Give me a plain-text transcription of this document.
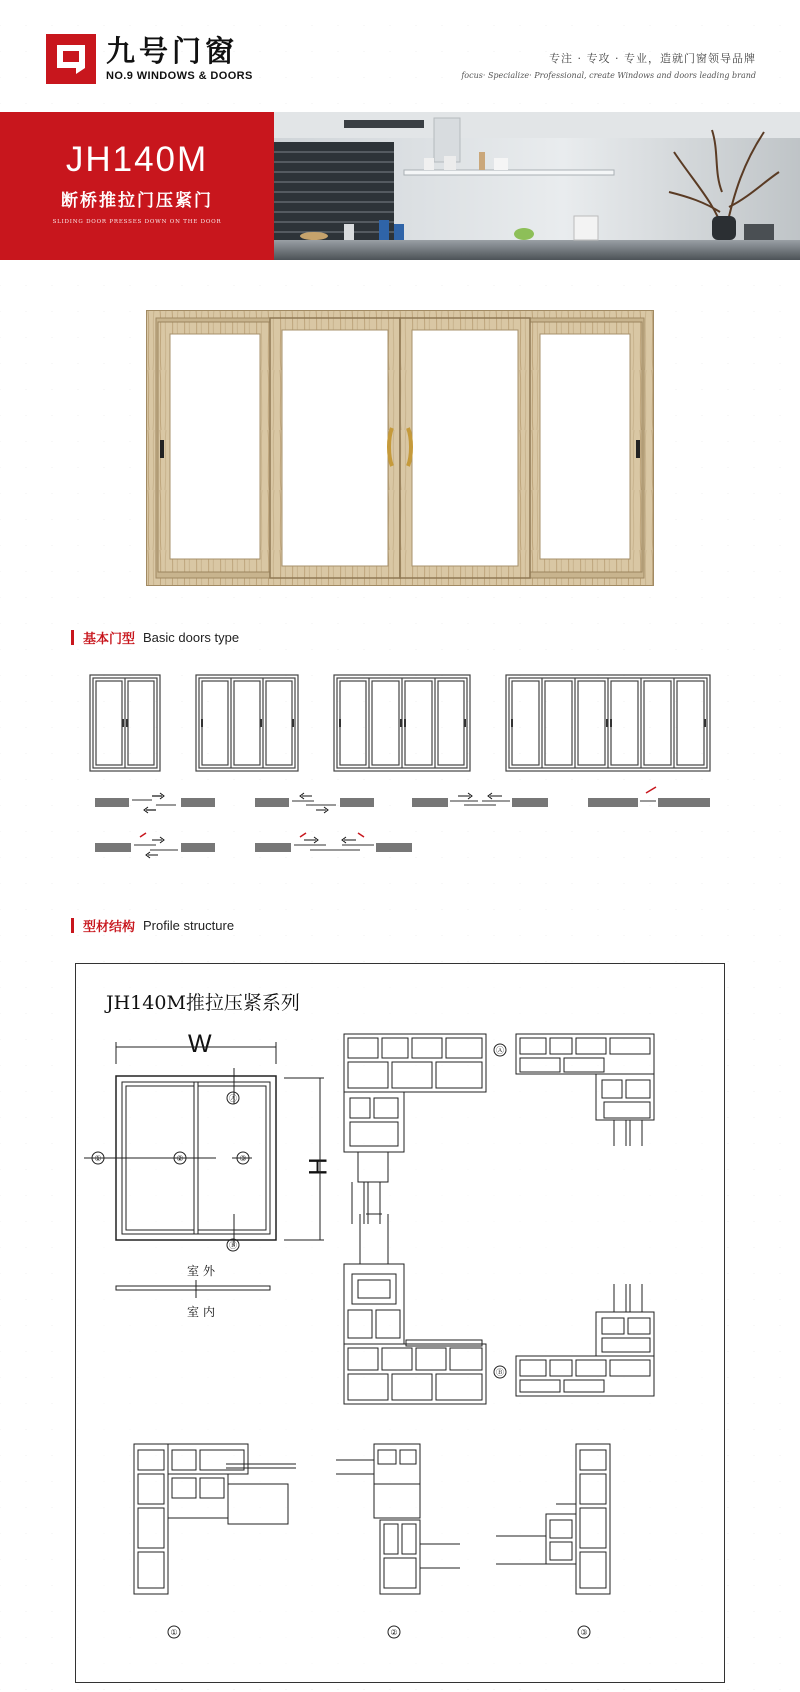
九号门窗
NO.9 WINDOWS & DOORS
专注 · 专攻 · 专业，造就门窗领导品牌
focus· Specialize· Professional, create Windows and doors leading brand
JH140M
断桥推拉门压紧门
SLIDING DOOR PRESSES DOWN ON THE DOOR
基本门型 Basic doors type
型材结构 Profile structure
JH140M推拉压紧系列
W
H
室外
室内
①	②	③
Ⓐ
Ⓑ
Ⓐ
Ⓑ
①	②	③
